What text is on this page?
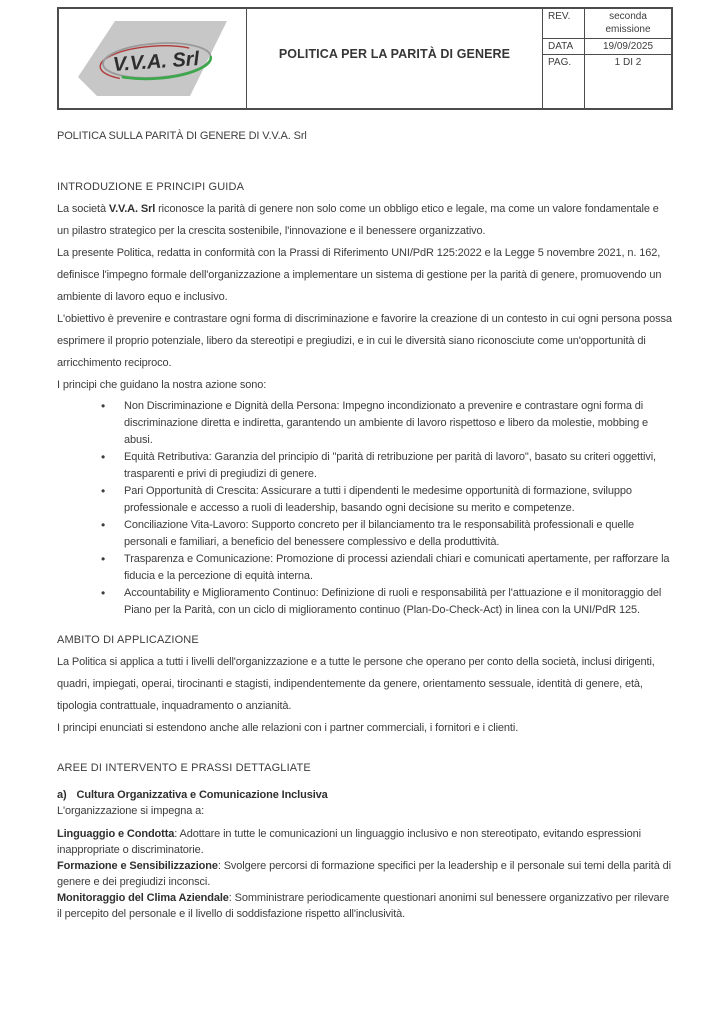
V.V.A. Srl	POLITICA PER LA PARITÀ DI GENERE
REV.	seconda emissione
DATA	19/09/2025
PAG.	1 DI 2
POLITICA SULLA PARITÀ DI GENERE DI V.V.A. Srl
INTRODUZIONE E PRINCIPI GUIDA

La società V.V.A. Srl riconosce la parità di genere non solo come un obbligo etico e legale, ma come un valore fondamentale e un pilastro strategico per la crescita sostenibile, l'innovazione e il benessere organizzativo.

La presente Politica, redatta in conformità con la Prassi di Riferimento UNI/PdR 125:2022 e la Legge 5 novembre 2021, n. 162, definisce l'impegno formale dell'organizzazione a implementare un sistema di gestione per la parità di genere, promuovendo un ambiente di lavoro equo e inclusivo.

L'obiettivo è prevenire e contrastare ogni forma di discriminazione e favorire la creazione di un contesto in cui ogni persona possa esprimere il proprio potenziale, libero da stereotipi e pregiudizi, e in cui le diversità siano riconosciute come un'opportunità di arricchimento reciproco.

I principi che guidano la nostra azione sono:

• Non Discriminazione e Dignità della Persona: Impegno incondizionato a prevenire e contrastare ogni forma di discriminazione diretta e indiretta, garantendo un ambiente di lavoro rispettoso e libero da molestie, mobbing e abusi.
• Equità Retributiva: Garanzia del principio di "parità di retribuzione per parità di lavoro", basato su criteri oggettivi, trasparenti e privi di pregiudizi di genere.
• Pari Opportunità di Crescita: Assicurare a tutti i dipendenti le medesime opportunità di formazione, sviluppo professionale e accesso a ruoli di leadership, basando ogni decisione su merito e competenze.
• Conciliazione Vita-Lavoro: Supporto concreto per il bilanciamento tra le responsabilità professionali e quelle personali e familiari, a beneficio del benessere complessivo e della produttività.
• Trasparenza e Comunicazione: Promozione di processi aziendali chiari e comunicati apertamente, per rafforzare la fiducia e la percezione di equità interna.
• Accountability e Miglioramento Continuo: Definizione di ruoli e responsabilità per l'attuazione e il monitoraggio del Piano per la Parità, con un ciclo di miglioramento continuo (Plan-Do-Check-Act) in linea con la UNI/PdR 125.
AMBITO DI APPLICAZIONE

La Politica si applica a tutti i livelli dell'organizzazione e a tutte le persone che operano per conto della società, inclusi dirigenti, quadri, impiegati, operai, tirocinanti e stagisti, indipendentemente da genere, orientamento sessuale, identità di genere, età, tipologia contrattuale, inquadramento o anzianità.

I principi enunciati si estendono anche alle relazioni con i partner commerciali, i fornitori e i clienti.

AREE DI INTERVENTO E PRASSI DETTAGLIATE

a) Cultura Organizzativa e Comunicazione Inclusiva

L'organizzazione si impegna a:

Linguaggio e Condotta: Adottare in tutte le comunicazioni un linguaggio inclusivo e non stereotipato, evitando espressioni inappropriate o discriminatorie.

Formazione e Sensibilizzazione: Svolgere percorsi di formazione specifici per la leadership e il personale sui temi della parità di genere e dei pregiudizi inconsci.

Monitoraggio del Clima Aziendale: Somministrare periodicamente questionari anonimi sul benessere organizzativo per rilevare il percepito del personale e il livello di soddisfazione rispetto all'inclusività.
